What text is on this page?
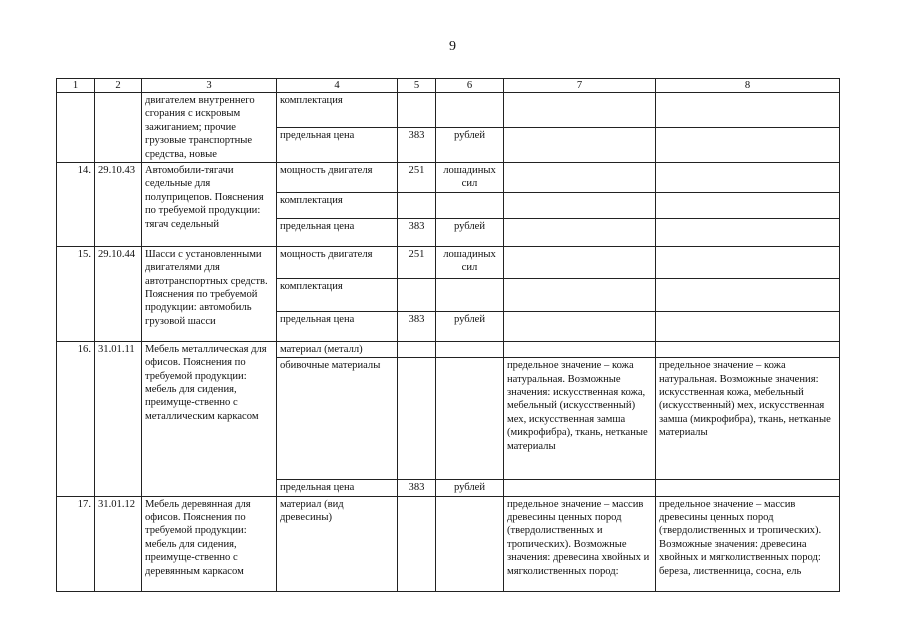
9
1	2	3	4	5	6	7	8
		двигателем внутреннего сгорания с искровым зажиганием; прочие грузовые транспортные средства, новые	комплектация				
			предельная цена	383	рублей		
14.	29.10.43	Автомобили-тягачи седельные для полуприцепов. Пояснения по требуемой продукции: тягач седельный	мощность двигателя	251	лошадиных сил		
			комплектация				
			предельная цена	383	рублей		
15.	29.10.44	Шасси с установленными двигателями для автотранспортных средств. Пояснения по требуемой продукции: автомобиль грузовой шасси	мощность двигателя	251	лошадиных сил		
			комплектация				
			предельная цена	383	рублей		
16.	31.01.11	Мебель металлическая для офисов. Пояснения по требуемой продукции: мебель для сидения, преимуще-ственно с металлическим каркасом	материал (металл)				
			обивочные материалы			предельное значение – кожа натуральная. Возможные значения: искусственная кожа, мебельный (искусственный) мех, искусственная замша (микрофибра), ткань, нетканые материалы	предельное значение – кожа натуральная. Возможные значения: искусственная кожа, мебельный (искусственный) мех, искусственная замша (микрофибра), ткань, нетканые материалы
			предельная цена	383	рублей		
17.	31.01.12	Мебель деревянная для офисов. Пояснения по требуемой продукции: мебель для сидения, преимуще-ственно с деревянным каркасом	материал (вид древесины)			предельное значение – массив древесины ценных пород (твердолиственных и тропических). Возможные значения: древесина хвойных и мягколиственных пород:	предельное значение – массив древесины ценных пород (твердолиственных и тропических). Возможные значения: древесина хвойных и мягколиственных пород: береза, лиственница, сосна, ель
